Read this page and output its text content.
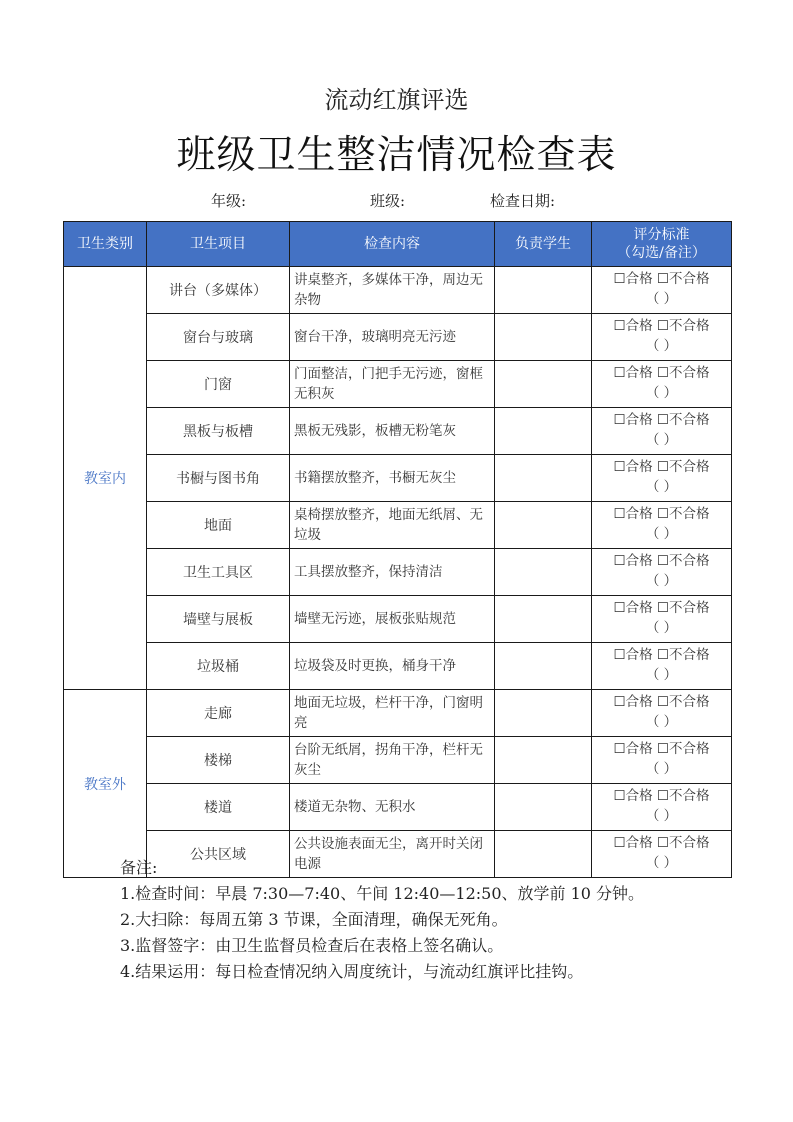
流动红旗评选
班级卫生整洁情况检查表
年级:	班级:	检查日期:
卫生类别	卫生项目	检查内容	负责学生	评分标准
（勾选/备注）

教室内	讲台（多媒体）	讲桌整齐，多媒体干净，周边无杂物		☐合格 ☐不合格
（ ）

	窗台与玻璃	窗台干净，玻璃明亮无污迹		☐合格 ☐不合格
（ ）

	门窗	门面整洁，门把手无污迹，窗框无积灰		☐合格 ☐不合格
（ ）

	黑板与板槽	黑板无残影，板槽无粉笔灰		☐合格 ☐不合格
（ ）

	书橱与图书角	书籍摆放整齐，书橱无灰尘		☐合格 ☐不合格
（ ）

	地面	桌椅摆放整齐，地面无纸屑、无垃圾		☐合格 ☐不合格
（ ）

	卫生工具区	工具摆放整齐，保持清洁		☐合格 ☐不合格
（ ）

	墙壁与展板	墙壁无污迹，展板张贴规范		☐合格 ☐不合格
（ ）

	垃圾桶	垃圾袋及时更换，桶身干净		☐合格 ☐不合格
（ ）

教室外	走廊	地面无垃圾，栏杆干净，门窗明亮		☐合格 ☐不合格
（ ）

	楼梯	台阶无纸屑，拐角干净，栏杆无灰尘		☐合格 ☐不合格
（ ）

	楼道	楼道无杂物、无积水		☐合格 ☐不合格
（ ）

	公共区域	公共设施表面无尘，离开时关闭电源		☐合格 ☐不合格
（ ）
备注:
1.检查时间：早晨 7:30—7:40、午间 12:40—12:50、放学前 10 分钟。
2.大扫除：每周五第 3 节课，全面清理，确保无死角。
3.监督签字：由卫生监督员检查后在表格上签名确认。
4.结果运用：每日检查情况纳入周度统计，与流动红旗评比挂钩。
